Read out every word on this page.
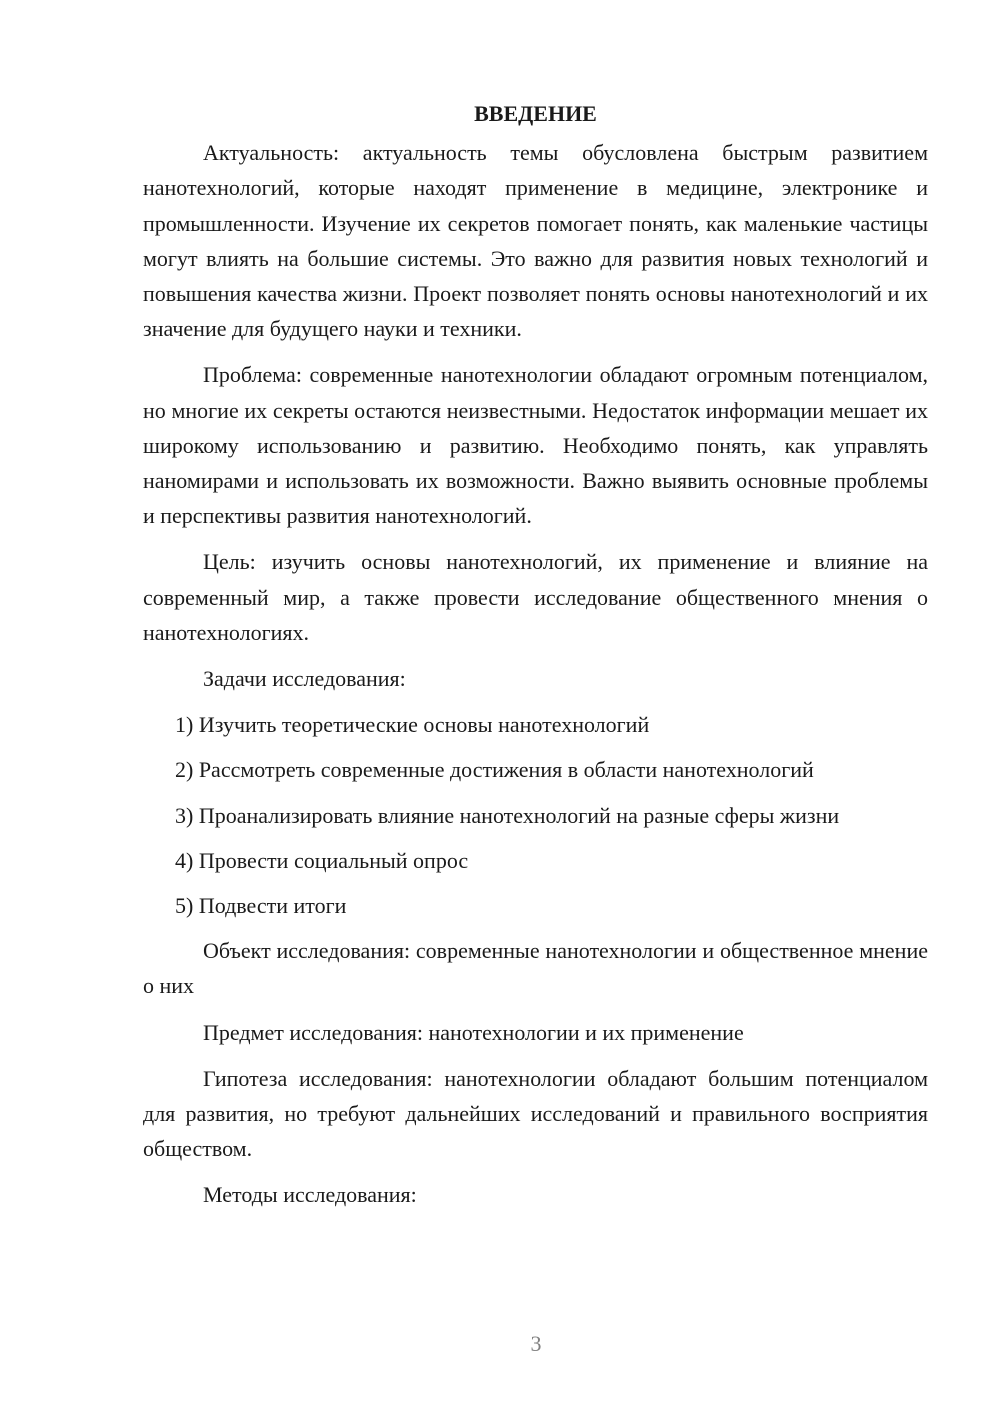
ВВЕДЕНИЕ

Актуальность: актуальность темы обусловлена быстрым развитием нанотехнологий, которые находят применение в медицине, электронике и промышленности. Изучение их секретов помогает понять, как маленькие частицы могут влиять на большие системы. Это важно для развития новых технологий и повышения качества жизни. Проект позволяет понять основы нанотехнологий и их значение для будущего науки и техники.

Проблема: современные нанотехнологии обладают огромным потенциалом, но многие их секреты остаются неизвестными. Недостаток информации мешает их широкому использованию и развитию. Необходимо понять, как управлять наномирами и использовать их возможности. Важно выявить основные проблемы и перспективы развития нанотехнологий.

Цель: изучить основы нанотехнологий, их применение и влияние на современный мир, а также провести исследование общественного мнения о нанотехнологиях.

Задачи исследования:

1) Изучить теоретические основы нанотехнологий

2) Рассмотреть современные достижения в области нанотехнологий

3) Проанализировать влияние нанотехнологий на разные сферы жизни

4) Провести социальный опрос

5) Подвести итоги

Объект исследования: современные нанотехнологии и общественное мнение о них

Предмет исследования: нанотехнологии и их применение

Гипотеза исследования: нанотехнологии обладают большим потенциалом для развития, но требуют дальнейших исследований и правильного восприятия обществом.

Методы исследования:

3
